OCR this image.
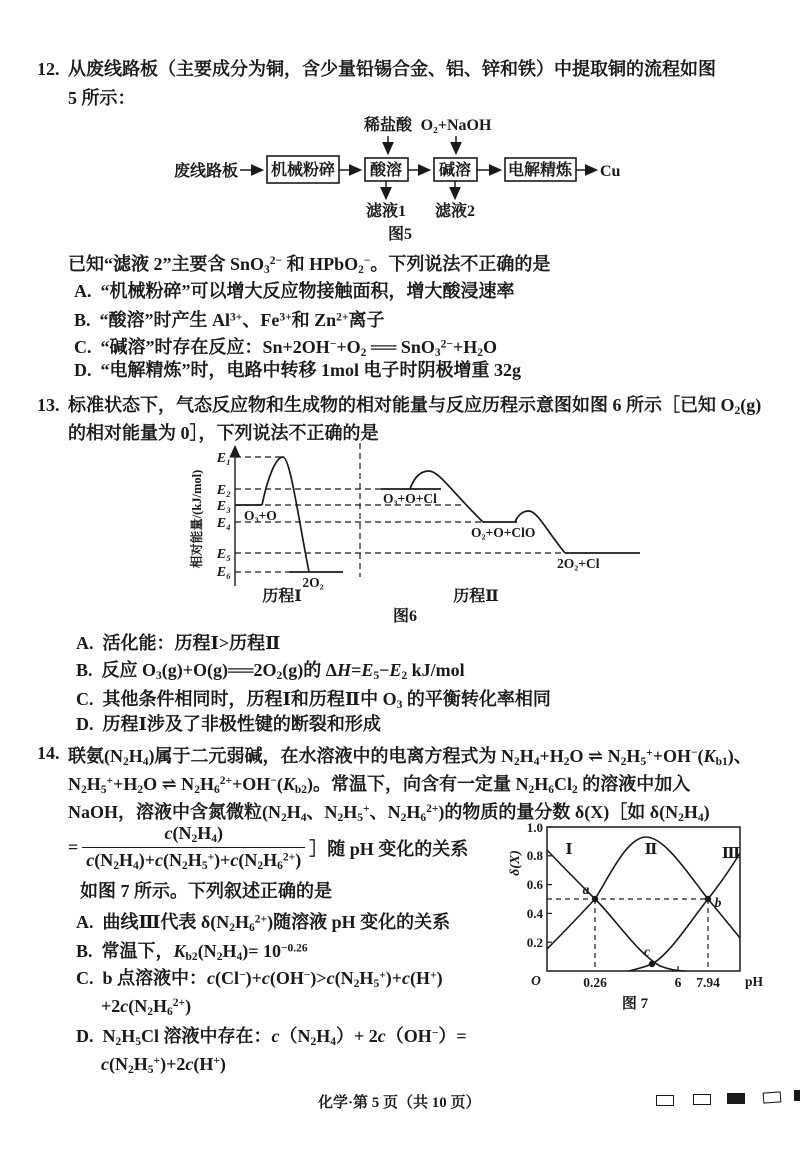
12. 从废线路板（主要成分为铜，含少量铅锡合金、铝、锌和铁）中提取铜的流程如图
5 所示：
稀盐酸 O₂+NaOH
废线路板 机械粉碎 酸溶 碱溶 电解精炼 Cu
滤液1 滤液2
图5
已知“滤液 2”主要含 SnO$_3^{2-}$ 和 HPbO$_2$−。下列说法不正确的是
A. “机械粉碎”可以增大反应物接触面积，增大酸浸速率
B. “酸溶”时产生 $Al^{3+}$、$Fe^{3+}$和 $Zn^{2+}$离子
C. “碱溶”时存在反应：$Sn+2OH^-+O_2$ ══ $SnO_3^{2-}+H_2O$
D. “电解精炼”时，电路中转移 1mol 电子时阴极增重 32g
13. 标准状态下，气态反应物和生成物的相对能量与反应历程示意图如图 6 所示［已知 $O_2(g)$
的相对能量为 0］，下列说法不正确的是
E₁
E₂
E₃
E₄
E₅
E₆
相对能量/(kJ/mol)	O₃+O
2O₂
O₃+O+Cl
O₂+O+ClO
2O₂+Cl
历程Ⅰ	历程Ⅱ
图6
A. 活化能：历程Ⅰ>历程Ⅱ
B. 反应 $O_3(g)+O(g)══2O_2(g)$的 $\Delta H=E_5-E_2$ kJ/mol
C. 其他条件相同时，历程Ⅰ和历程Ⅱ中 $O_3$ 的平衡转化率相同
D. 历程Ⅰ涉及了非极性键的断裂和形成
14. 联氨$(N_2H_4)$属于二元弱碱，在水溶液中的电离方程式为 $N_2H_4+H_2O$ ⇌ $N_2H_5^++OH^-(K_{b1})$、
$N_2H_5^++H_2O$ ⇌ $N_2H_6^{2+}+OH^-(K_{b2})$。常温下，向含有一定量 $N_2H_6Cl_2$ 的溶液中加入
NaOH，溶液中含氮微粒($N_2H_4$、$N_2H_5^+$、$N_2H_6^{2+}$)的物质的量分数 δ(X)［如 $\delta(N_2H_4)$
= $\frac{c(N_2H_4)}{c(N_2H_4)+c(N_2H_5^+)+c(N_2H_6^{2+})}$ ］随 pH 变化的关系
如图 7 所示。下列叙述正确的是
A. 曲线Ⅲ代表 $\delta(N_2H_6^{2+})$随溶液 pH 变化的关系
B. 常温下，$K_{b2}(N_2H_4)= 10^{-0.26}$
C. b 点溶液中：$c(Cl^-)+c(OH^-)>c(N_2H_5^+)+c(H^+)$
$+2c(N_2H_6^{2+})$
D. $N_2H_5Cl$ 溶液中存在：$c(N_2H_4)+ 2c(OH^-)=$
$c(N_2H_5^+)+2c(H^+)$
1.0
0.8
0.6
0.4
0.2
δ(X)
O	0.26	6 7.94 pH
Ⅰ	Ⅱ	Ⅲ
a
b
c
图 7
化学·第 5 页（共 10 页）
